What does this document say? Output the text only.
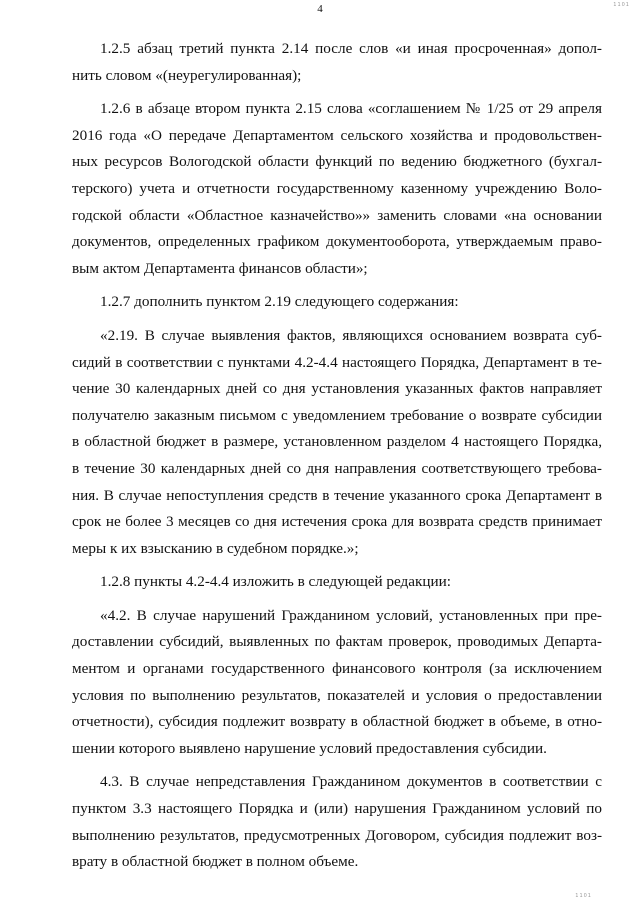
1101
4
1.2.5 абзац третий пункта 2.14 после слов «и иная просроченная» допол-
нить словом «(неурегулированная);
1.2.6 в абзаце втором пункта 2.15 слова «соглашением № 1/25 от 29 апреля
2016 года «О передаче Департаментом сельского хозяйства и продовольствен-
ных ресурсов Вологодской области функций по ведению бюджетного (бухгал-
терского) учета и отчетности государственному казенному учреждению Воло-
годской области «Областное казначейство»» заменить словами «на основании
документов, определенных графиком документооборота, утверждаемым право-
вым актом Департамента финансов области»;
1.2.7 дополнить пунктом 2.19 следующего содержания:
«2.19. В случае выявления фактов, являющихся основанием возврата суб-
сидий в соответствии с пунктами 4.2-4.4 настоящего Порядка, Департамент в те-
чение 30 календарных дней со дня установления указанных фактов направляет
получателю заказным письмом с уведомлением требование о возврате субсидии
в областной бюджет в размере, установленном разделом 4 настоящего Порядка,
в течение 30 календарных дней со дня направления соответствующего требова-
ния. В случае непоступления средств в течение указанного срока Департамент в
срок не более 3 месяцев со дня истечения срока для возврата средств принимает
меры к их взысканию в судебном порядке.»;
1.2.8 пункты 4.2-4.4 изложить в следующей редакции:
«4.2. В случае нарушений Гражданином условий, установленных при пре-
доставлении субсидий, выявленных по фактам проверок, проводимых Департа-
ментом и органами государственного финансового контроля (за исключением
условия по выполнению результатов, показателей и условия о предоставлении
отчетности), субсидия подлежит возврату в областной бюджет в объеме, в отно-
шении которого выявлено нарушение условий предоставления субсидии.
4.3. В случае непредставления Гражданином документов в соответствии с
пунктом 3.3 настоящего Порядка и (или) нарушения Гражданином условий по
выполнению результатов, предусмотренных Договором, субсидия подлежит воз-
врату в областной бюджет в полном объеме.
1101
